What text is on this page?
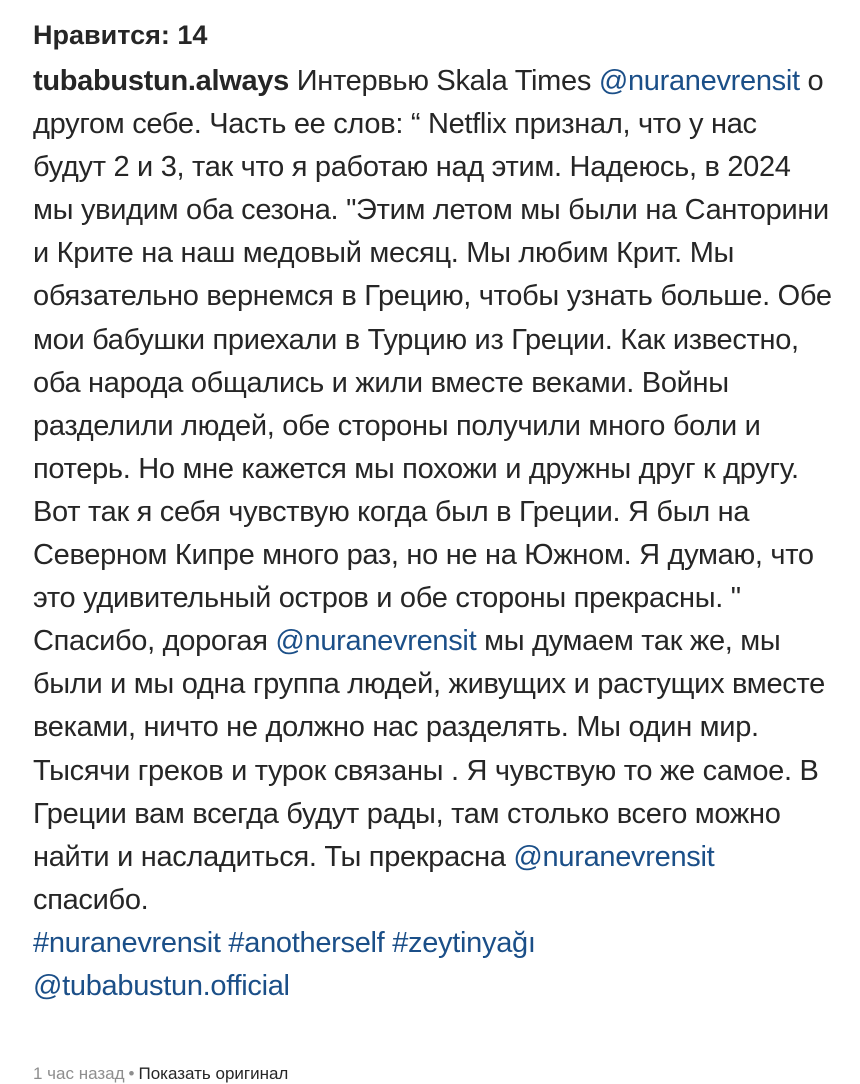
Нравится: 14
tubabustun.always Интервью Skala Times @nuranevrensit о другом себе. Часть ее слов: “ Netflix признал, что у нас будут 2 и 3, так что я работаю над этим. Надеюсь, в 2024 мы увидим оба сезона. "Этим летом мы были на Санторини и Крите на наш медовый месяц. Мы любим Крит. Мы обязательно вернемся в Грецию, чтобы узнать больше. Обе мои бабушки приехали в Турцию из Греции. Как известно, оба народа общались и жили вместе веками. Войны разделили людей, обе стороны получили много боли и потерь. Но мне кажется мы похожи и дружны друг к другу. Вот так я себя чувствую когда был в Греции. Я был на Северном Кипре много раз, но не на Южном. Я думаю, что это удивительный остров и обе стороны прекрасны. " Спасибо, дорогая @nuranevrensit мы думаем так же, мы были и мы одна группа людей, живущих и растущих вместе веками, ничто не должно нас разделять. Мы один мир. Тысячи греков и турок связаны . Я чувствую то же самое. В Греции вам всегда будут рады, там столько всего можно найти и насладиться. Ты прекрасна @nuranevrensit спасибо.
#nuranevrensit #anotherself #zeytinyağı
@tubabustun.official
1 час назад • Показать оригинал
